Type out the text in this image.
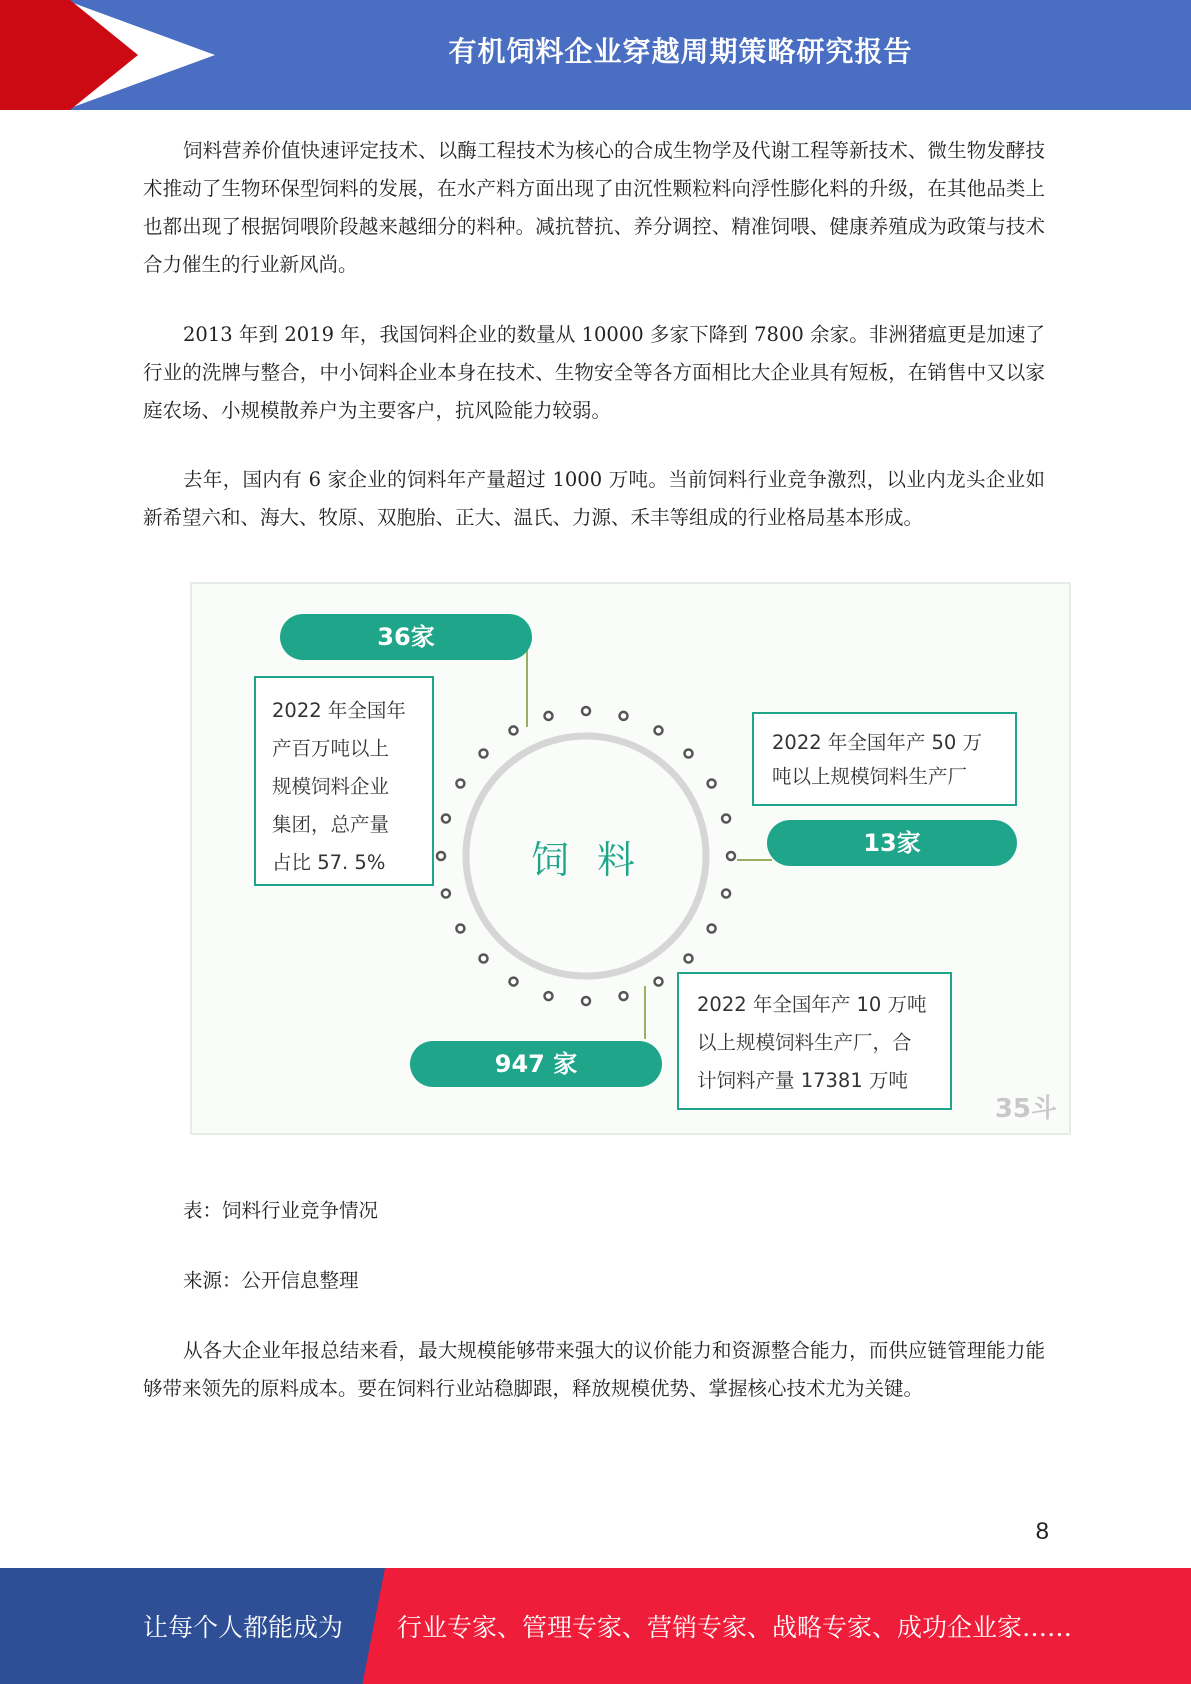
有机饲料企业穿越周期策略研究报告

饲料营养价值快速评定技术、以酶工程技术为核心的合成生物学及代谢工程等新技术、微生物发酵技术推动了生物环保型饲料的发展，在水产料方面出现了由沉性颗粒料向浮性膨化料的升级，在其他品类上也都出现了根据饲喂阶段越来越细分的料种。减抗替抗、养分调控、精准饲喂、健康养殖成为政策与技术合力催生的行业新风尚。

2013 年到 2019 年，我国饲料企业的数量从 10000 多家下降到 7800 余家。非洲猪瘟更是加速了行业的洗牌与整合，中小饲料企业本身在技术、生物安全等各方面相比大企业具有短板，在销售中又以家庭农场、小规模散养户为主要客户，抗风险能力较弱。

去年，国内有 6 家企业的饲料年产量超过 1000 万吨。当前饲料行业竞争激烈，以业内龙头企业如新希望六和、海大、牧原、双胞胎、正大、温氏、力源、禾丰等组成的行业格局基本形成。

饲 料
36家
2022 年全国年
产百万吨以上
规模饲料企业
集团，总产量
占比 57. 5%
2022 年全国年产 50 万
吨以上规模饲料生产厂
13家
2022 年全国年产 10 万吨
以上规模饲料生产厂，合
计饲料产量 17381 万吨
947 家
35斗

表：饲料行业竞争情况

来源：公开信息整理

从各大企业年报总结来看，最大规模能够带来强大的议价能力和资源整合能力，而供应链管理能力能够带来领先的原料成本。要在饲料行业站稳脚跟，释放规模优势、掌握核心技术尤为关键。

8
让每个人都能成为 行业专家、管理专家、营销专家、战略专家、成功企业家……
